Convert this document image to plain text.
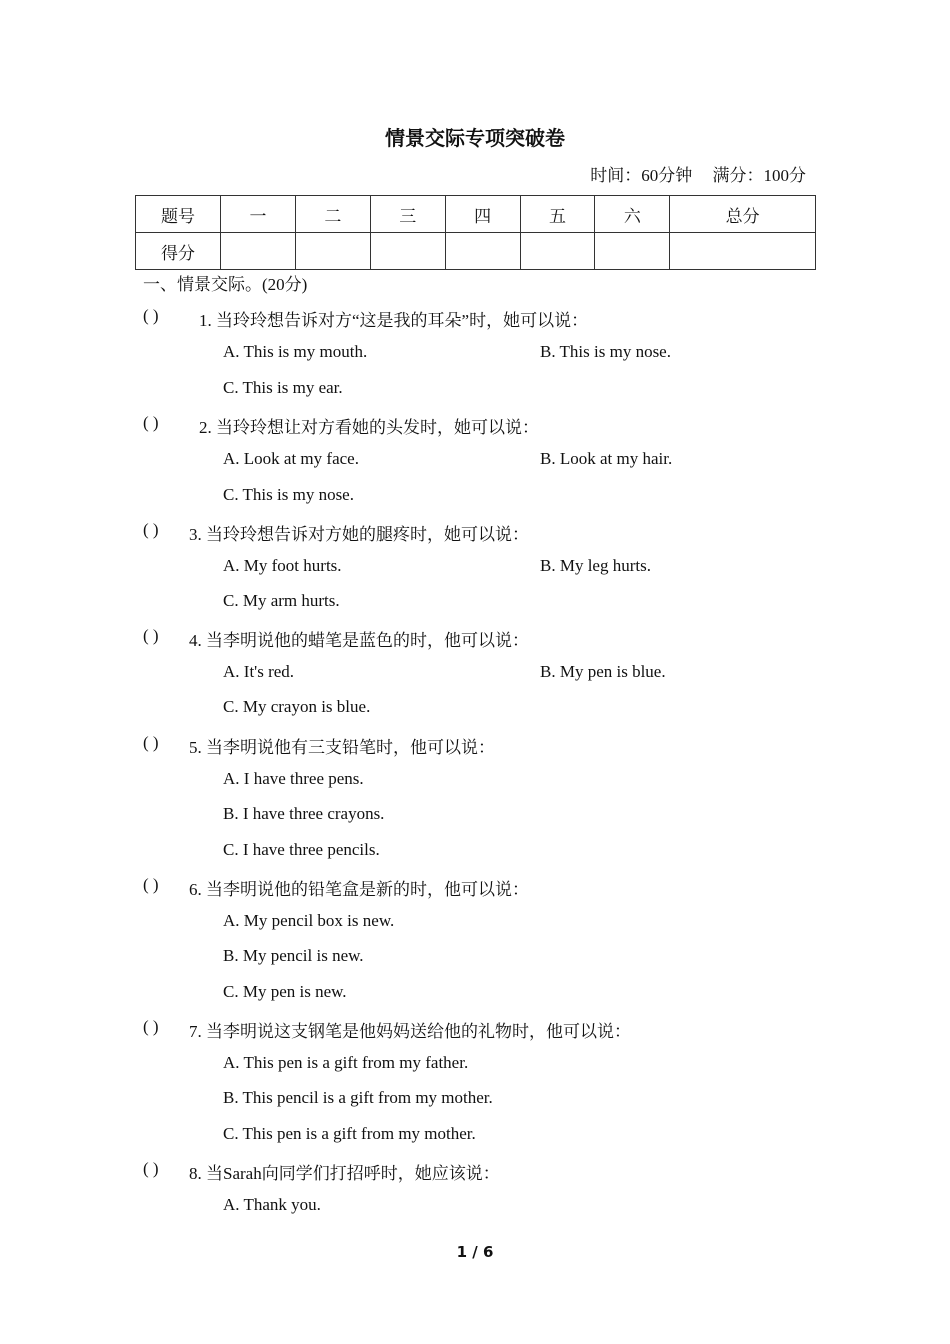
情景交际专项突破卷
时间：60分钟 满分：100分
题号	一	二	三	四	五	六	总分
得分							
一、情景交际。(20分)
( ) 1. 当玲玲想告诉对方“这是我的耳朵”时，她可以说：
A. This is my mouth.	B. This is my nose.
C. This is my ear.
( ) 2. 当玲玲想让对方看她的头发时，她可以说：
A. Look at my face.	B. Look at my hair.
C. This is my nose.
( ) 3. 当玲玲想告诉对方她的腿疼时，她可以说：
A. My foot hurts.	B. My leg hurts.
C. My arm hurts.
( ) 4. 当李明说他的蜡笔是蓝色的时，他可以说：
A. It's red.	B. My pen is blue.
C. My crayon is blue.
( ) 5. 当李明说他有三支铅笔时，他可以说：
A. I have three pens.
B. I have three crayons.
C. I have three pencils.
( ) 6. 当李明说他的铅笔盒是新的时，他可以说：
A. My pencil box is new.
B. My pencil is new.
C. My pen is new.
( ) 7. 当李明说这支钢笔是他妈妈送给他的礼物时，他可以说：
A. This pen is a gift from my father.
B. This pencil is a gift from my mother.
C. This pen is a gift from my mother.
( ) 8. 当Sarah向同学们打招呼时，她应该说：
A. Thank you.
1 / 6
